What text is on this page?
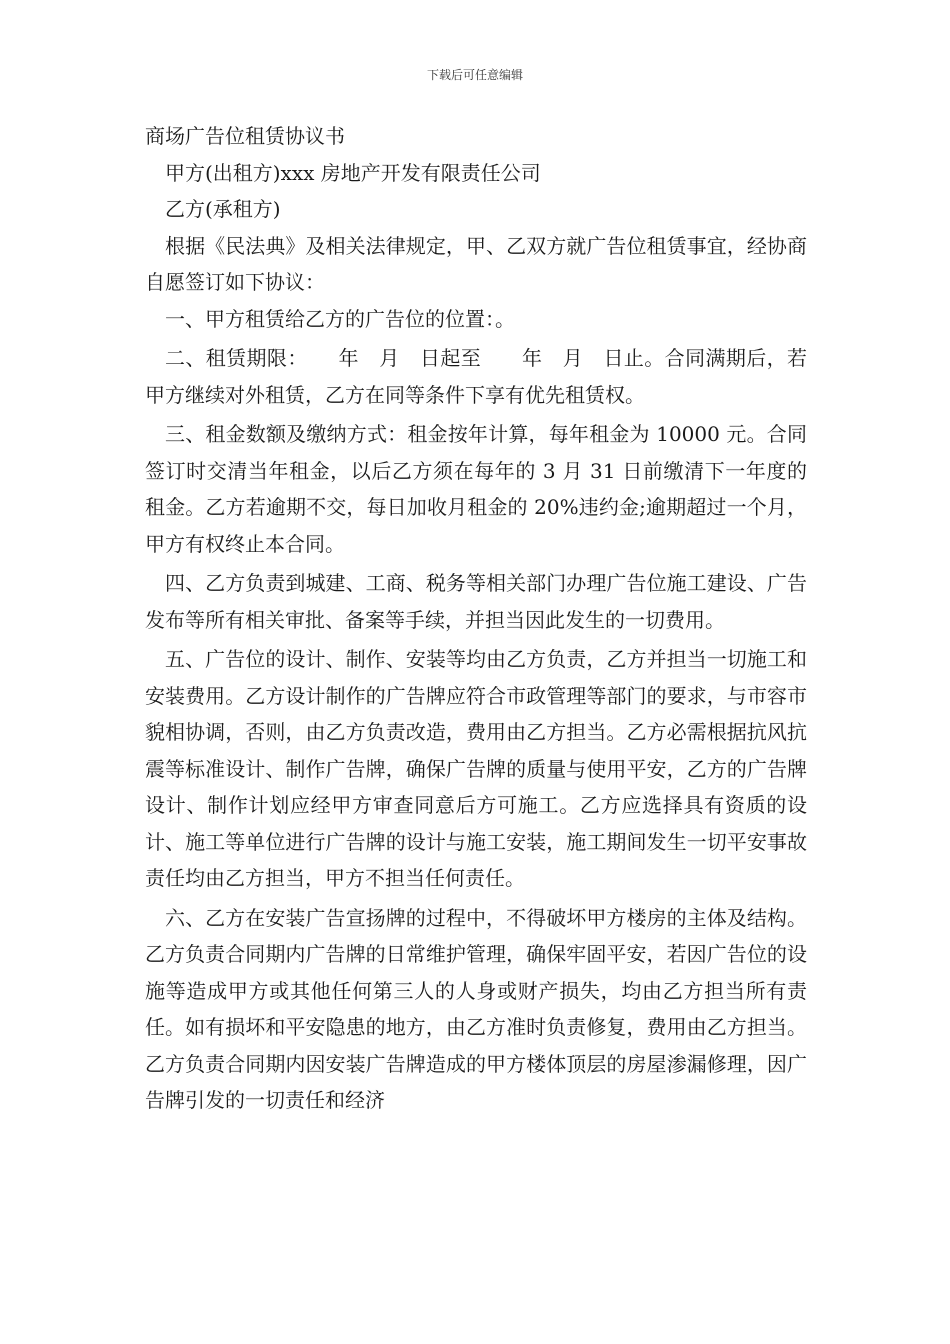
下载后可任意编辑

商场广告位租赁协议书

甲方(出租方)xxx 房地产开发有限责任公司

乙方(承租方)

根据《民法典》及相关法律规定，甲、乙双方就广告位租赁事宜，经协商自愿签订如下协议：

一、甲方租赁给乙方的广告位的位置：。

二、租赁期限：　　年　月　日起至　　年　月　日止。合同满期后，若甲方继续对外租赁，乙方在同等条件下享有优先租赁权。

三、租金数额及缴纳方式：租金按年计算，每年租金为 10000 元。合同签订时交清当年租金，以后乙方须在每年的 3 月 31 日前缴清下一年度的租金。乙方若逾期不交，每日加收月租金的 20%违约金;逾期超过一个月，甲方有权终止本合同。

四、乙方负责到城建、工商、税务等相关部门办理广告位施工建设、广告发布等所有相关审批、备案等手续，并担当因此发生的一切费用。

五、广告位的设计、制作、安装等均由乙方负责，乙方并担当一切施工和安装费用。乙方设计制作的广告牌应符合市政管理等部门的要求，与市容市貌相协调，否则，由乙方负责改造，费用由乙方担当。乙方必需根据抗风抗震等标准设计、制作广告牌，确保广告牌的质量与使用平安，乙方的广告牌设计、制作计划应经甲方审查同意后方可施工。乙方应选择具有资质的设计、施工等单位进行广告牌的设计与施工安装，施工期间发生一切平安事故责任均由乙方担当，甲方不担当任何责任。

六、乙方在安装广告宣扬牌的过程中，不得破坏甲方楼房的主体及结构。乙方负责合同期内广告牌的日常维护管理，确保牢固平安，若因广告位的设施等造成甲方或其他任何第三人的人身或财产损失，均由乙方担当所有责任。如有损坏和平安隐患的地方，由乙方准时负责修复，费用由乙方担当。乙方负责合同期内因安装广告牌造成的甲方楼体顶层的房屋渗漏修理，因广告牌引发的一切责任和经济
